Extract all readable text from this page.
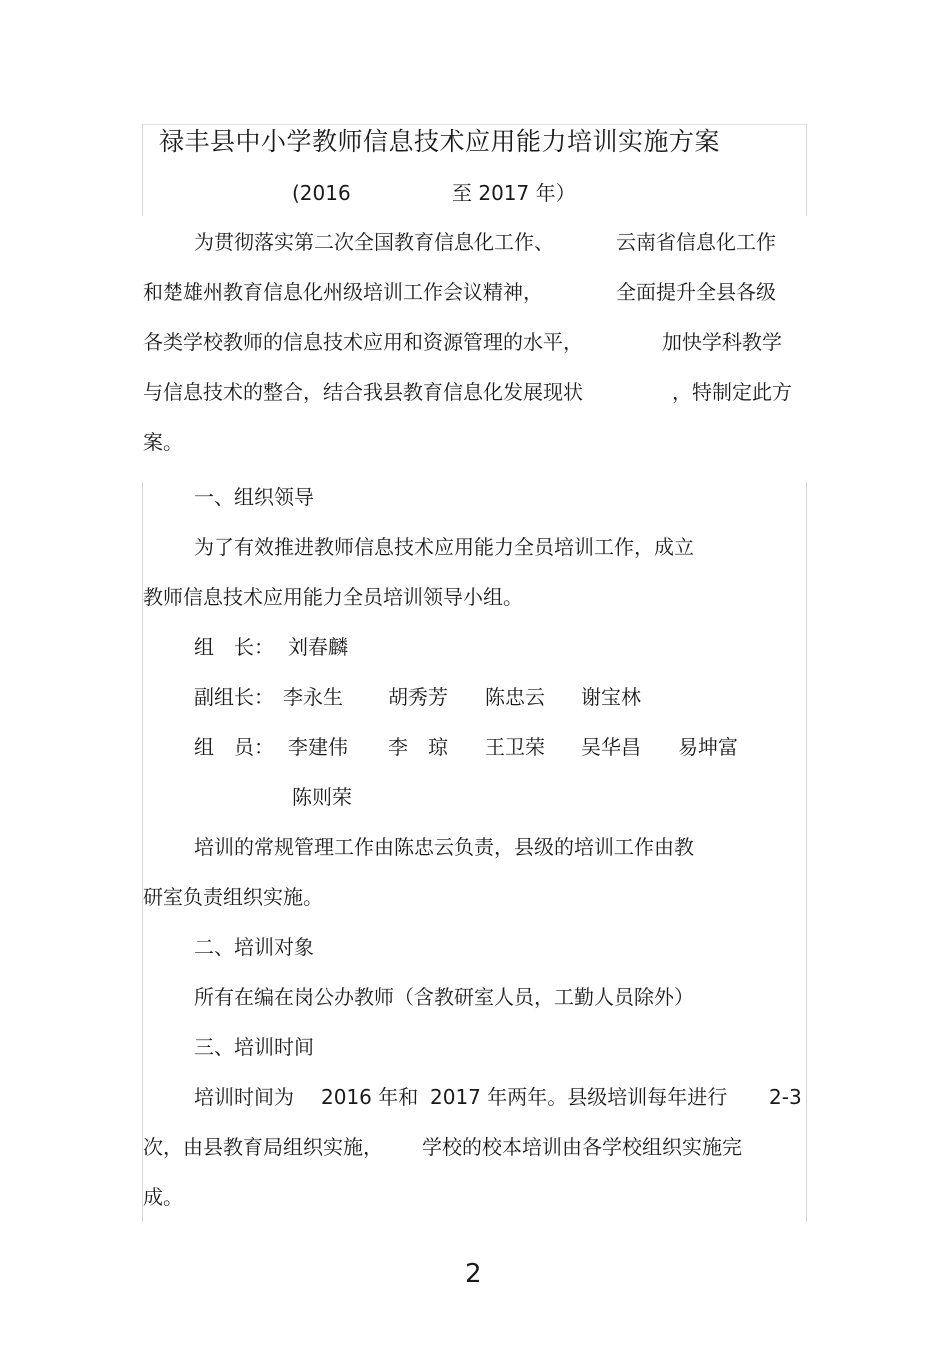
禄丰县中小学教师信息技术应用能力培训实施方案
(2016	至 2017 年）
为贯彻落实第二次全国教育信息化工作、	云南省信息化工作
和楚雄州教育信息化州级培训工作会议精神，	全面提升全县各级
各类学校教师的信息技术应用和资源管理的水平，	加快学科教学
与信息技术的整合，结合我县教育信息化发展现状	，特制定此方
案。
一、组织领导
为了有效推进教师信息技术应用能力全员培训工作，成立
教师信息技术应用能力全员培训领导小组。
组　长： 刘春麟
副组长： 李永生 胡秀芳 陈忠云 谢宝林
组　员： 李建伟 李　琼 王卫荣 吴华昌 易坤富
陈则荣
培训的常规管理工作由陈忠云负责，县级的培训工作由教
研室负责组织实施。
二、培训对象
所有在编在岗公办教师（含教研室人员，工勤人员除外）
三、培训时间
培训时间为 2016 年和 2017 年两年。县级培训每年进行 2-3
次，由县教育局组织实施， 学校的校本培训由各学校组织实施完
成。
2
